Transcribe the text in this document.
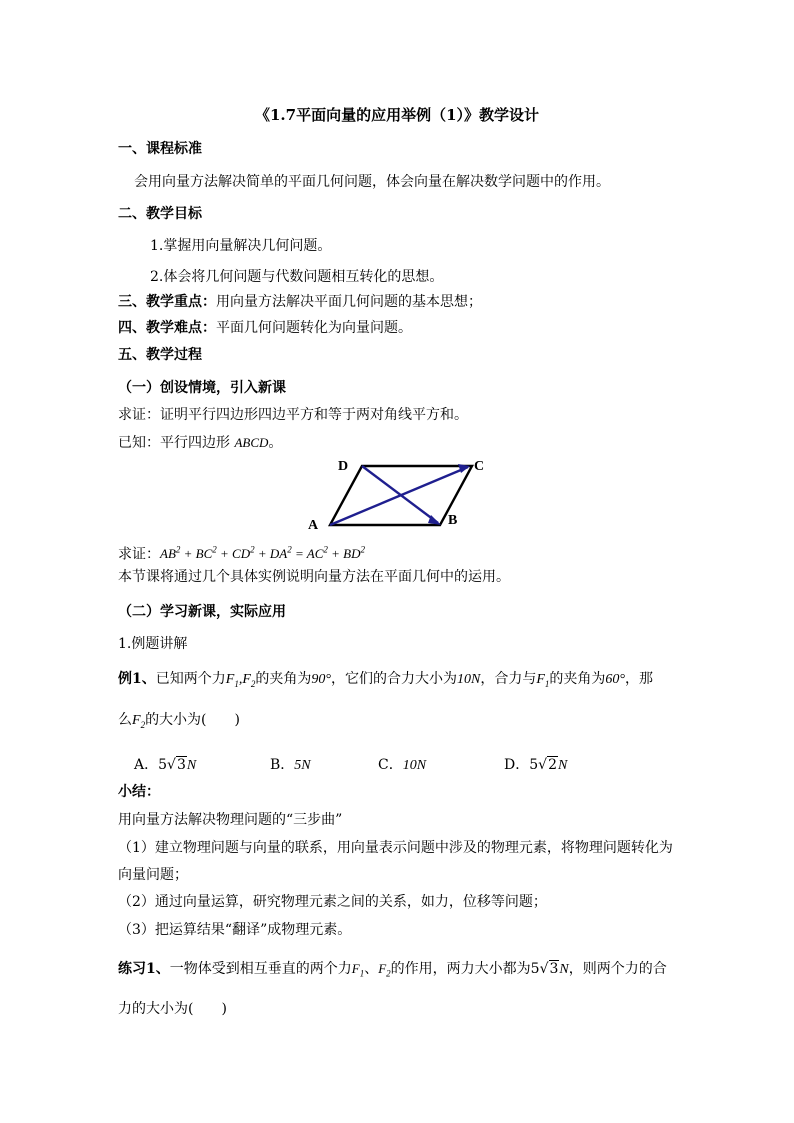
《1.7平面向量的应用举例（1）》教学设计
一、课程标准
会用向量方法解决简单的平面几何问题，体会向量在解决数学问题中的作用。
二、教学目标
1.掌握用向量解决几何问题。
2.体会将几何问题与代数问题相互转化的思想。
三、教学重点：用向量方法解决平面几何问题的基本思想；
四、教学难点：平面几何问题转化为向量问题。
五、教学过程
（一）创设情境，引入新课
求证：证明平行四边形四边平方和等于两对角线平方和。
已知：平行四边形 ABCD。
A	B
C
D
求证：$AB^2 + BC^2 + CD^2 + DA^2 = AC^2 + BD^2$
本节课将通过几个具体实例说明向量方法在平面几何中的运用。
（二）学习新课，实际应用
1.例题讲解
例1、已知两个力$F_1,F_2$的夹角为90°，它们的合力大小为10N，合力与$F_1$的夹角为60°，那
么$F_2$的大小为(　　)
A．5√3N	B．5N	C．10N	D．5√2N
小结：
用向量方法解决物理问题的“三步曲”
（1）建立物理问题与向量的联系，用向量表示问题中涉及的物理元素，将物理问题转化为
向量问题；
（2）通过向量运算，研究物理元素之间的关系，如力，位移等问题；
（3）把运算结果“翻译”成物理元素。
练习1、一物体受到相互垂直的两个力$F_1$、$F_2$的作用，两力大小都为5√3N，则两个力的合
力的大小为(　　)
